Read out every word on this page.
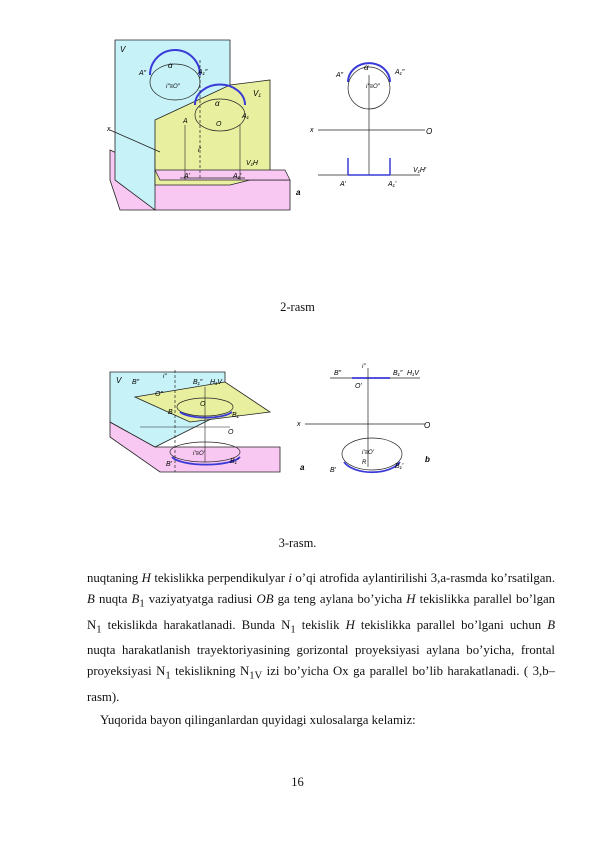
V
V₁
x
α
A″	A₁″
i″≡O″
α
A
A₁
O
i'
V₁H
A'	A₁'
a
α
A″	A₁″
i″≡O″
x	O
V₁H′
A'	A₁'
2-rasm
V B″
i″
B₁″ H₁V
O″
O
B	B₁
O
i'≡O'
B'	B₁'
a
B″
i″
B₁″ H₁V
O'
x	O
i'≡O'
R
B'
B₁'
b
3-rasm.
nuqtaning H tekislikka perpendikulyar i o’qi atrofida aylantirilishi 3,a-rasmda ko’rsatilgan. B nuqta $B_1$ vaziyatyatga radiusi OB ga teng aylana bo’yicha H tekislikka parallel bo’lgan $N_1$ tekislikda harakatlanadi. Bunda $N_1$ tekislik H tekislikka parallel bo’lgani uchun B nuqta harakatlanish trayektoriyasining gorizontal proyeksiyasi aylana bo’yicha, frontal proyeksiyasi $N_1$ tekislikning $N_{1V}$ izi bo’yicha Ox ga parallel bo’lib harakatlanadi. ( 3,b–rasm).
Yuqorida bayon qilinganlardan quyidagi xulosalarga kelamiz:
16
